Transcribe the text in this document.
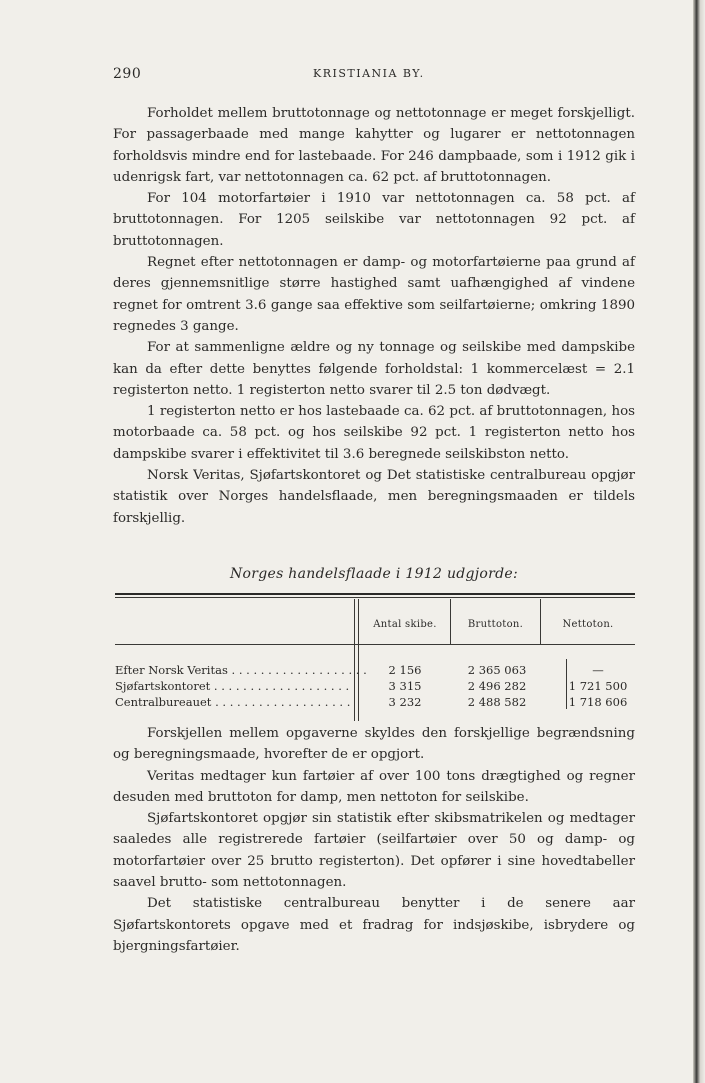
290	KRISTIANIA BY.

Forholdet mellem bruttotonnage og nettotonnage er meget forskjelligt. For passagerbaade med mange kahytter og lugarer er nettotonnagen forholdsvis mindre end for lastebaade. For 246 dampbaade, som i 1912 gik i udenrigsk fart, var nettotonnagen ca. 62 pct. af bruttotonnagen.

For 104 motorfartøier i 1910 var nettotonnagen ca. 58 pct. af bruttotonnagen. For 1205 seilskibe var nettotonnagen 92 pct. af bruttotonnagen.

Regnet efter nettotonnagen er damp- og motorfartøierne paa grund af deres gjennemsnitlige større hastighed samt uafhængighed af vindene regnet for omtrent 3.6 gange saa effektive som seilfartøierne; omkring 1890 regnedes 3 gange.

For at sammenligne ældre og ny tonnage og seilskibe med dampskibe kan da efter dette benyttes følgende forholdstal: 1 kommercelæst = 2.1 registerton netto. 1 registerton netto svarer til 2.5 ton dødvægt.

1 registerton netto er hos lastebaade ca. 62 pct. af bruttotonnagen, hos motorbaade ca. 58 pct. og hos seilskibe 92 pct. 1 registerton netto hos dampskibe svarer i effektivitet til 3.6 beregnede seilskibston netto.

Norsk Veritas, Sjøfartskontoret og Det statistiske centralbureau opgjør statistik over Norges handelsflaade, men beregningsmaaden er tildels forskjellig.

Norges handelsflaade i 1912 udgjorde:
Antal skibe.	Bruttoton.	Nettoton.
Efter Norsk Veritas . . . . . . . . . . . . . . . . . . .	2 156	2 365 063	—
Sjøfartskontoret . . . . . . . . . . . . . . . . . . .	3 315	2 496 282	1 721 500
Centralbureauet . . . . . . . . . . . . . . . . . . .	3 232	2 488 582	1 718 606

Forskjellen mellem opgaverne skyldes den forskjellige begrændsning og beregningsmaade, hvorefter de er opgjort.

Veritas medtager kun fartøier af over 100 tons drægtighed og regner desuden med bruttoton for damp, men nettoton for seilskibe.

Sjøfartskontoret opgjør sin statistik efter skibsmatrikelen og medtager saaledes alle registrerede fartøier (seilfartøier over 50 og damp- og motorfartøier over 25 brutto registerton). Det opfører i sine hovedtabeller saavel brutto- som nettotonnagen.

Det statistiske centralbureau benytter i de senere aar Sjøfartskontorets opgave med et fradrag for indsjøskibe, isbrydere og bjergningsfartøier.
